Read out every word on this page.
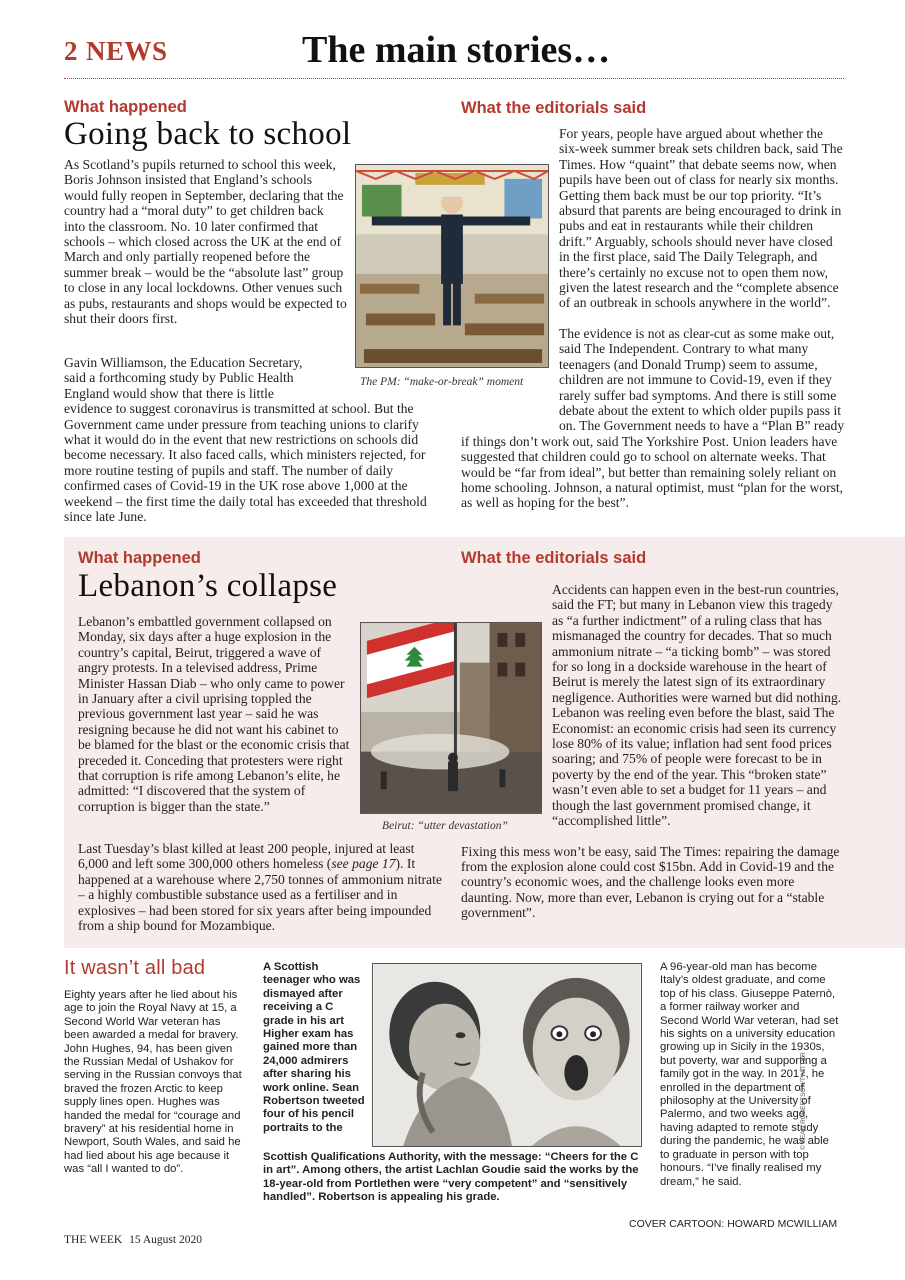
2 NEWS	The main stories…
What happened
Going back to school
The PM: “make-or-break” moment

As Scotland’s pupils returned to school this week, Boris Johnson insisted that England’s schools would fully reopen in September, declaring that the country had a “moral duty” to get children back into the classroom. No. 10 later confirmed that schools – which closed across the UK at the end of March and only partially reopened before the summer break – would be the “absolute last” group to close in any local lockdowns. Other venues such as pubs, restaurants and shops would be expected to shut their doors first.

Gavin Williamson, the Education Secretary, said a forthcoming study by Public Health England would show that there is little evidence to suggest coronavirus is transmitted at school. But the Government came under pressure from teaching unions to clarify what it would do in the event that new restrictions on schools did become necessary. It also faced calls, which ministers rejected, for more routine testing of pupils and staff. The number of daily confirmed cases of Covid-19 in the UK rose above 1,000 at the weekend – the first time the daily total has exceeded that threshold since late June.

What the editorials said

For years, people have argued about whether the six-week summer break sets children back, said The Times. How “quaint” that debate seems now, when pupils have been out of class for nearly six months. Getting them back must be our top priority. “It’s absurd that parents are being encouraged to drink in pubs and eat in restaurants while their children drift.” Arguably, schools should never have closed in the first place, said The Daily Telegraph, and there’s certainly no excuse not to open them now, given the latest research and the “complete absence of an outbreak in schools anywhere in the world”.

The evidence is not as clear-cut as some make out, said The Independent. Contrary to what many teenagers (and Donald Trump) seem to assume, children are not immune to Covid-19, even if they rarely suffer bad symptoms. And there is still some debate about the extent to which older pupils pass it on. The Government needs to have a “Plan B” ready if things don’t work out, said The Yorkshire Post. Union leaders have suggested that children could go to school on alternate weeks. That would be “far from ideal”, but better than remaining solely reliant on home schooling. Johnson, a natural optimist, must “plan for the worst, as well as hoping for the best”.

What happened
Lebanon’s collapse
Beirut: “utter devastation”

Lebanon’s embattled government collapsed on Monday, six days after a huge explosion in the country’s capital, Beirut, triggered a wave of angry protests. In a televised address, Prime Minister Hassan Diab – who only came to power in January after a civil uprising toppled the previous government last year – said he was resigning because he did not want his cabinet to be blamed for the blast or the economic crisis that preceded it. Conceding that protesters were right that corruption is rife among Lebanon’s elite, he admitted: “I discovered that the system of corruption is bigger than the state.”

Last Tuesday’s blast killed at least 200 people, injured at least 6,000 and left some 300,000 others homeless (see page 17). It happened at a warehouse where 2,750 tonnes of ammonium nitrate – a highly combustible substance used as a fertiliser and in explosives – had been stored for six years after being impounded from a ship bound for Mozambique.

What the editorials said

Accidents can happen even in the best-run countries, said the FT; but many in Lebanon view this tragedy as “a further indictment” of a ruling class that has mismanaged the country for decades. That so much ammonium nitrate – “a ticking bomb” – was stored for so long in a dockside warehouse in the heart of Beirut is merely the latest sign of its extraordinary negligence. Authorities were warned but did nothing. Lebanon was reeling even before the blast, said The Economist: an economic crisis had seen its currency lose 80% of its value; inflation had sent food prices soaring; and 75% of people were forecast to be in poverty by the end of the year. This “broken state” wasn’t even able to set a budget for 11 years – and though the last government promised change, it “accomplished little”.

Fixing this mess won’t be easy, said The Times: repairing the damage from the explosion alone could cost $15bn. Add in Covid-19 and the country’s economic woes, and the challenge looks even more daunting. Now, more than ever, Lebanon is crying out for a “stable government”.

It wasn’t all bad
Eighty years after he lied about his age to join the Royal Navy at 15, a Second World War veteran has been awarded a medal for bravery. John Hughes, 94, has been given the Russian Medal of Ushakov for serving in the Russian convoys that braved the frozen Arctic to keep supply lines open. Hughes was handed the medal for “courage and bravery” at his residential home in Newport, South Wales, and said he had lied about his age because it was “all I wanted to do”.
A Scottish teenager who was dismayed after receiving a C grade in his art Higher exam has gained more than 24,000 admirers after sharing his work online. Sean Robertson tweeted four of his pencil portraits to the
Scottish Qualifications Authority, with the message: “Cheers for the C in art”. Among others, the artist Lachlan Goudie said the works by the 18-year-old from Portlethen were “very competent” and “sensitively handled”. Robertson is appealing his grade.
A 96-year-old man has become Italy’s oldest graduate, and come top of his class. Giuseppe Paternò, a former railway worker and Second World War veteran, had set his sights on a university education growing up in Sicily in the 1930s, but poverty, war and supporting a family got in the way. In 2017, he enrolled in the department of philosophy at the University of Palermo, and two weeks ago, having adapted to remote study during the pandemic, he was able to graduate in person with top honours. “I’ve finally realised my dream,” he said.
© SEAN ROBERTSON/TWITTER
COVER CARTOON: HOWARD MCWILLIAM
THE WEEK 15 August 2020
